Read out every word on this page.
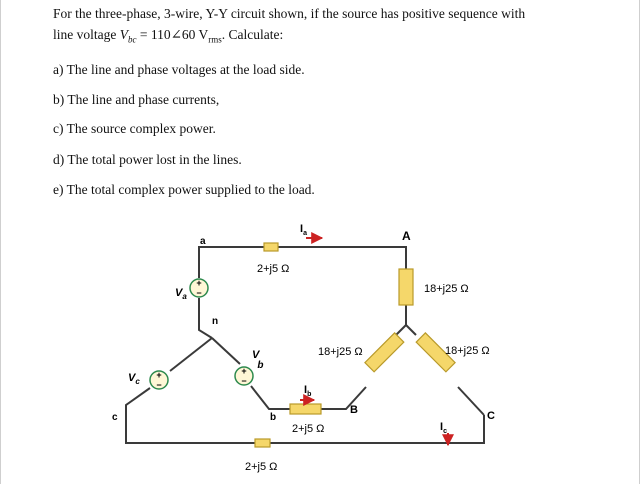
For the three-phase, 3-wire, Y-Y circuit shown, if the source has positive sequence with
line voltage $V_{bc}$ = 110∠60 $V_{rms}$. Calculate:
a) The line and phase voltages at the load side.
b) The line and phase currents,
c) The source complex power.
d) The total power lost in the lines.
e) The total complex power supplied to the load.
+
−
+
−
+
−
a
n
b
c
A
B	C
$V_a$
V b
$V_c$
2+j5 Ω
2+j5 Ω
2+j5 Ω
18+j25 Ω
18+j25 Ω	18+j25 Ω
$I_a$
$I_b$
$I_c$
